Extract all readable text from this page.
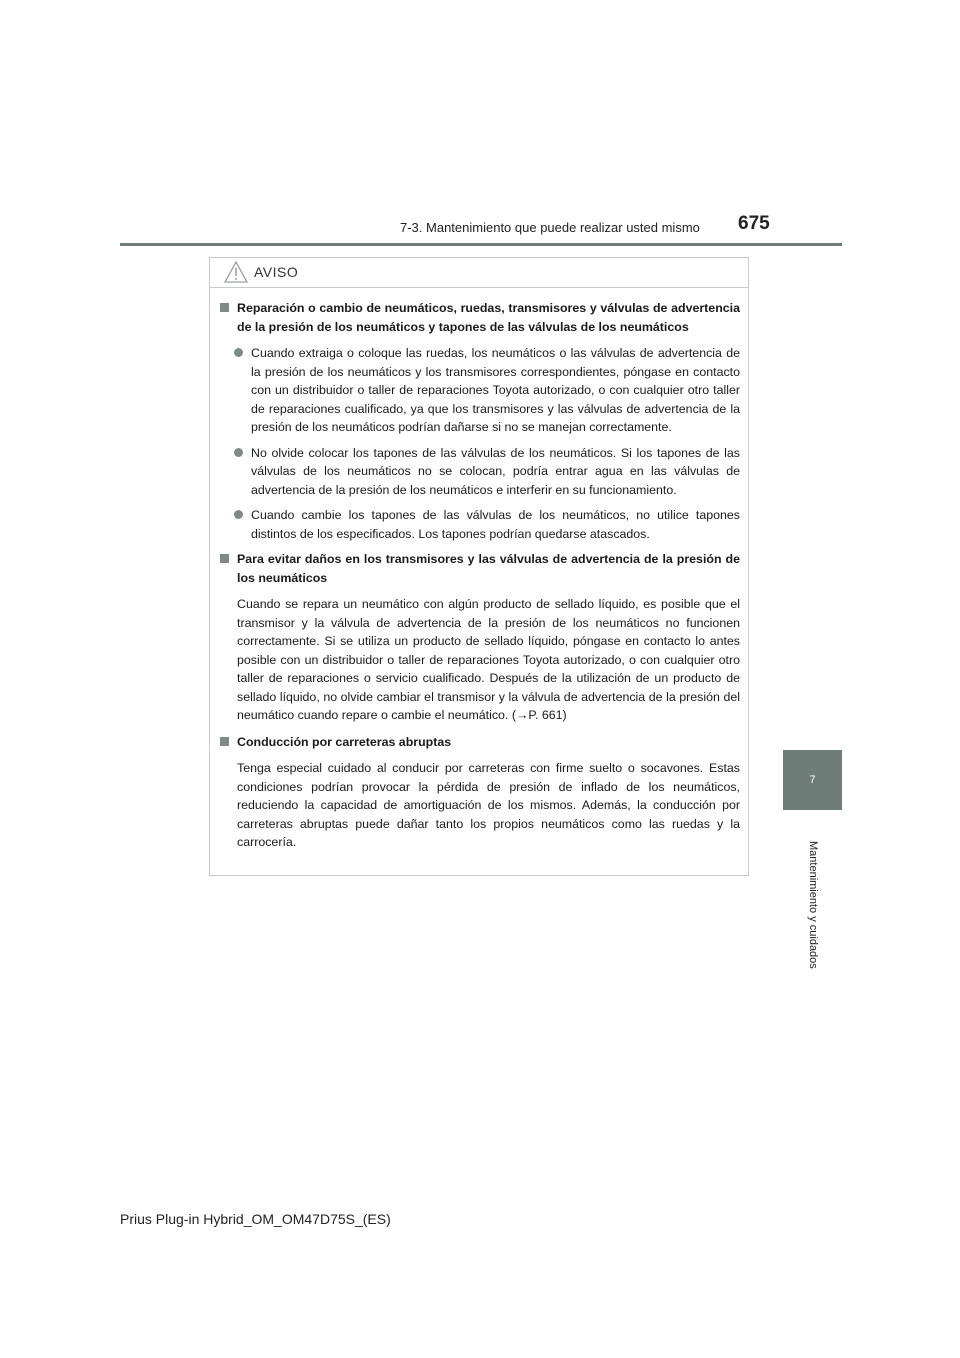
7-3. Mantenimiento que puede realizar usted mismo 675
7
Mantenimiento y cuidados
AVISO
Reparación o cambio de neumáticos, ruedas, transmisores y válvulas de advertencia de la presión de los neumáticos y tapones de las válvulas de los neumáticos
Cuando extraiga o coloque las ruedas, los neumáticos o las válvulas de advertencia de la presión de los neumáticos y los transmisores correspondientes, póngase en contacto con un distribuidor o taller de reparaciones Toyota autorizado, o con cualquier otro taller de reparaciones cualificado, ya que los transmisores y las válvulas de advertencia de la presión de los neumáticos podrían dañarse si no se manejan correctamente.
No olvide colocar los tapones de las válvulas de los neumáticos. Si los tapones de las válvulas de los neumáticos no se colocan, podría entrar agua en las válvulas de advertencia de la presión de los neumáticos e interferir en su funcionamiento.
Cuando cambie los tapones de las válvulas de los neumáticos, no utilice tapones distintos de los especificados. Los tapones podrían quedarse atascados.
Para evitar daños en los transmisores y las válvulas de advertencia de la presión de los neumáticos
Cuando se repara un neumático con algún producto de sellado líquido, es posible que el transmisor y la válvula de advertencia de la presión de los neumáticos no funcionen correctamente. Si se utiliza un producto de sellado líquido, póngase en contacto lo antes posible con un distribuidor o taller de reparaciones Toyota autorizado, o con cualquier otro taller de reparaciones o servicio cualificado. Después de la utilización de un producto de sellado líquido, no olvide cambiar el transmisor y la válvula de advertencia de la presión del neumático cuando repare o cambie el neumático. (→P. 661)
Conducción por carreteras abruptas
Tenga especial cuidado al conducir por carreteras con firme suelto o socavones. Estas condiciones podrían provocar la pérdida de presión de inflado de los neumáticos, reduciendo la capacidad de amortiguación de los mismos. Además, la conducción por carreteras abruptas puede dañar tanto los propios neumáticos como las ruedas y la carrocería.
Prius Plug-in Hybrid_OM_OM47D75S_(ES)
